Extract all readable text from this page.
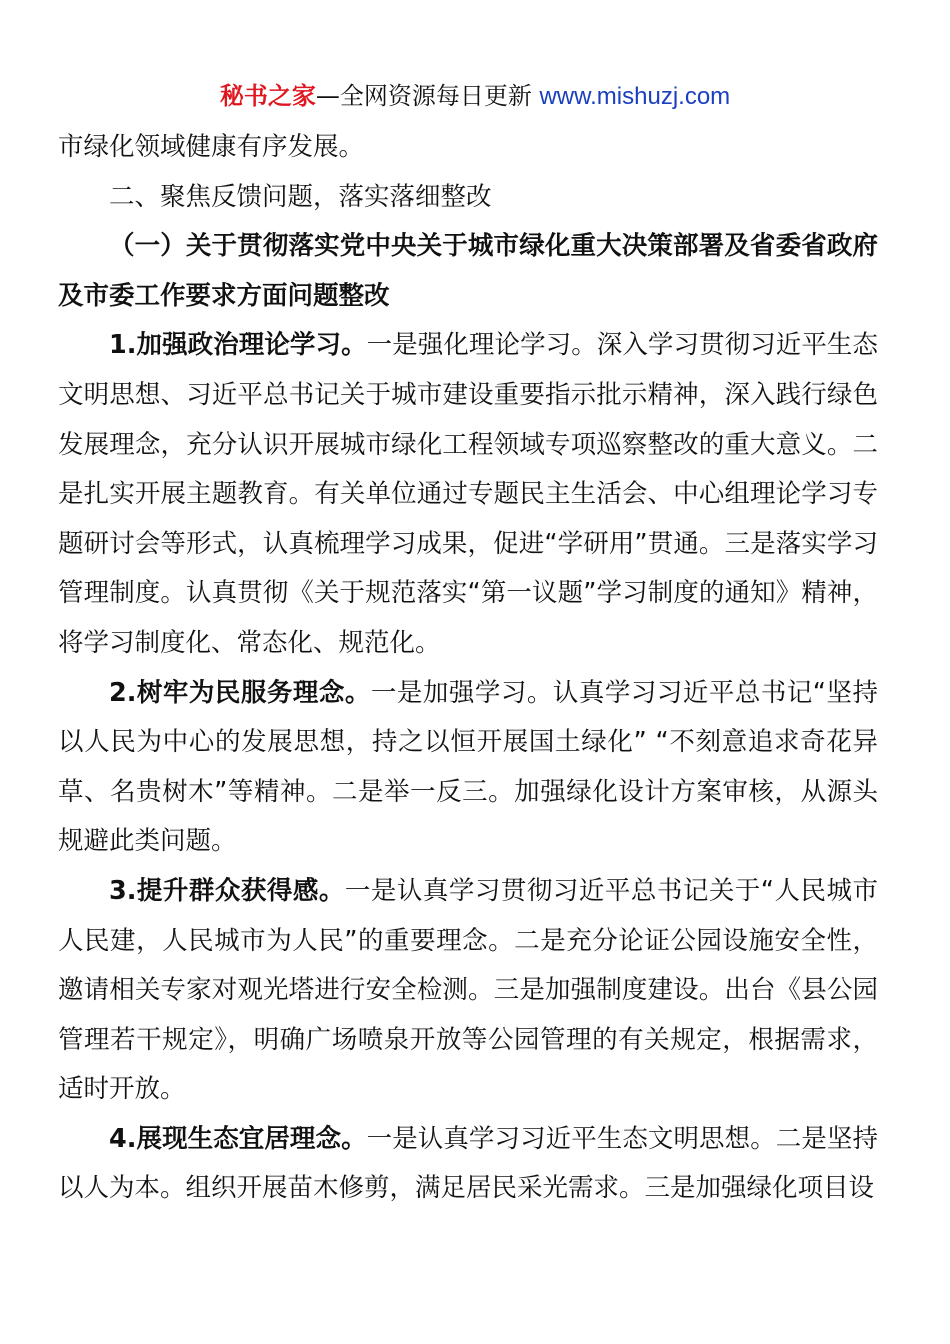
秘书之家—全网资源每日更新 www.mishuzj.com

市绿化领域健康有序发展。

二、聚焦反馈问题，落实落细整改

（一）关于贯彻落实党中央关于城市绿化重大决策部署及省委省政府及市委工作要求方面问题整改

1.加强政治理论学习。一是强化理论学习。深入学习贯彻习近平生态文明思想、习近平总书记关于城市建设重要指示批示精神，深入践行绿色发展理念，充分认识开展城市绿化工程领域专项巡察整改的重大意义。二是扎实开展主题教育。有关单位通过专题民主生活会、中心组理论学习专题研讨会等形式，认真梳理学习成果，促进“学研用”贯通。三是落实学习管理制度。认真贯彻《关于规范落实“第一议题”学习制度的通知》精神，将学习制度化、常态化、规范化。

2.树牢为民服务理念。一是加强学习。认真学习习近平总书记“坚持以人民为中心的发展思想，持之以恒开展国土绿化” “不刻意追求奇花异草、名贵树木”等精神。二是举一反三。加强绿化设计方案审核，从源头规避此类问题。

3.提升群众获得感。一是认真学习贯彻习近平总书记关于“人民城市人民建，人民城市为人民”的重要理念。二是充分论证公园设施安全性，邀请相关专家对观光塔进行安全检测。三是加强制度建设。出台《县公园管理若干规定》，明确广场喷泉开放等公园管理的有关规定，根据需求，适时开放。

4.展现生态宜居理念。一是认真学习习近平生态文明思想。二是坚持以人为本。组织开展苗木修剪，满足居民采光需求。三是加强绿化项目设
